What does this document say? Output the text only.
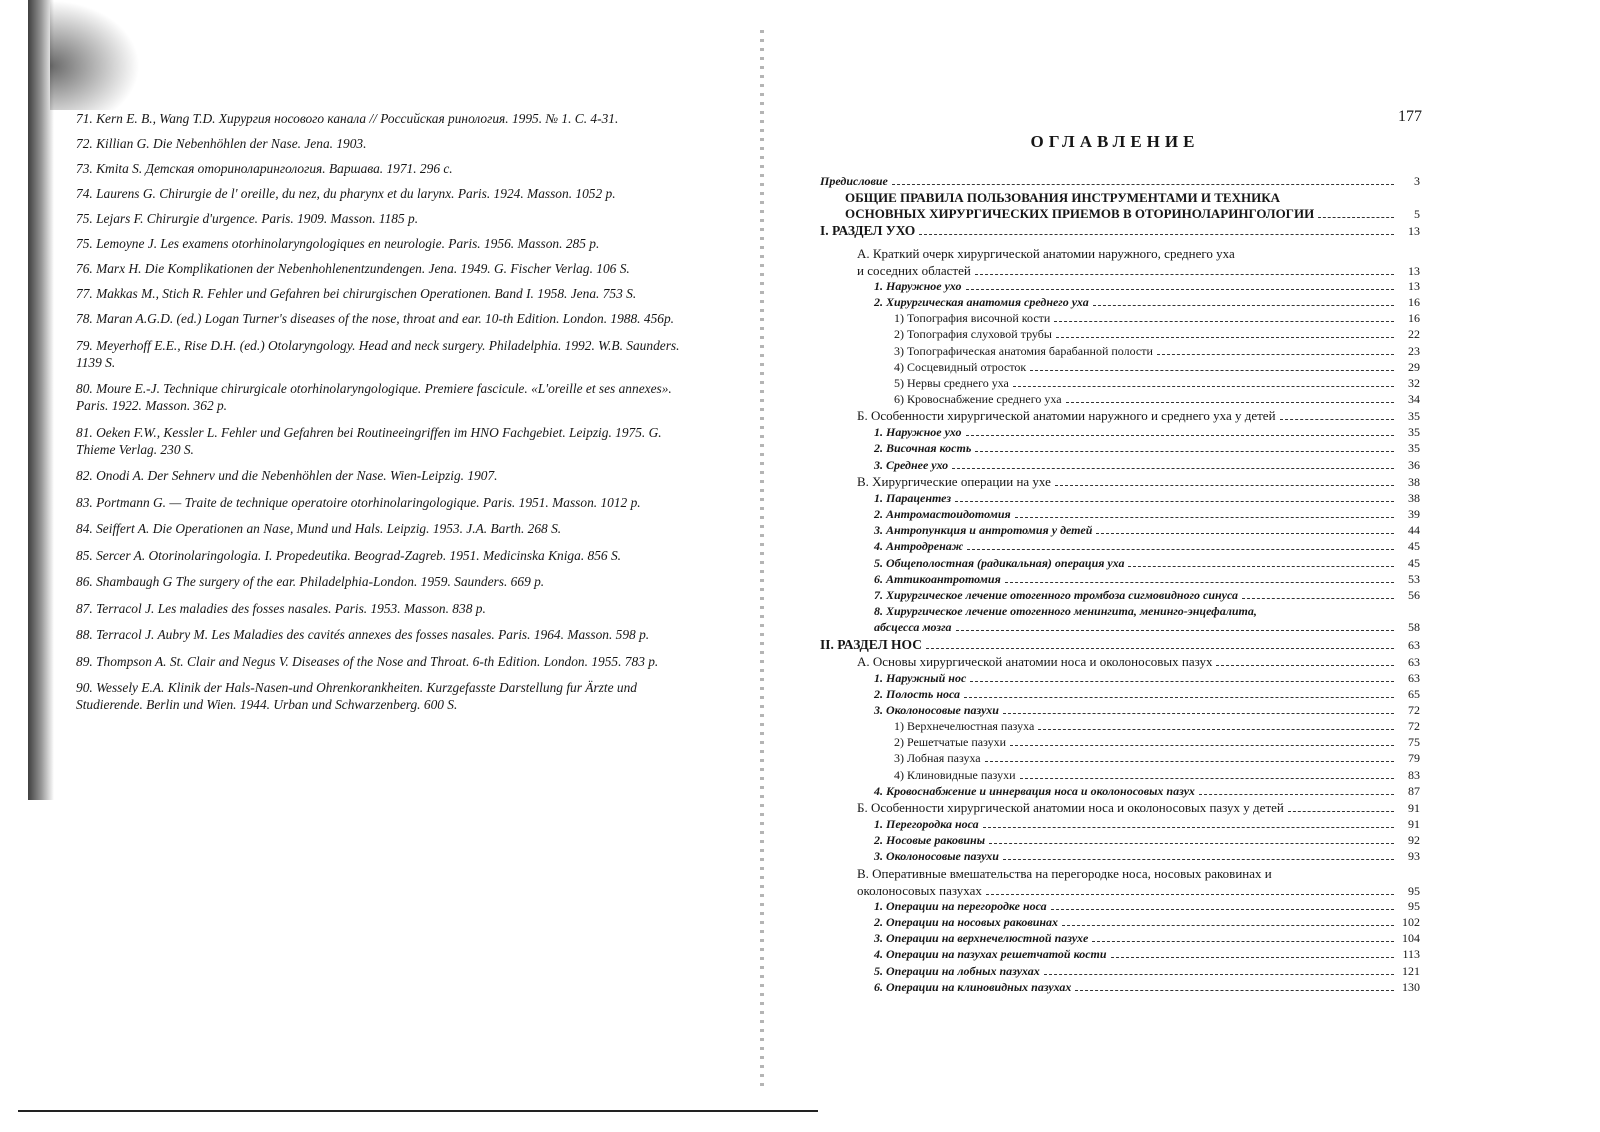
71. Kern E. B., Wang T.D. Хирургия носового канала // Российская ринология. 1995. № 1. С. 4-31.
72. Killian G. Die Nebenhöhlen der Nase. Jena. 1903.
73. Kmita S. Детская оториноларингология. Варшава. 1971. 296 с.
74. Laurens G. Chirurgie de l' oreille, du nez, du pharynx et du larynx. Paris. 1924. Masson. 1052 p.
75. Lejars F. Chirurgie d'urgence. Paris. 1909. Masson. 1185 p.
75. Lemoyne J. Les examens otorhinolaryngologiques en neurologie. Paris. 1956. Masson. 285 p.
76. Marx H. Die Komplikationen der Nebenhohlenentzundengen. Jena. 1949. G. Fischer Verlag. 106 S.
77. Makkas M., Stich R. Fehler und Gefahren bei chirurgischen Operationen. Band I. 1958. Jena. 753 S.
78. Maran A.G.D. (ed.) Logan Turner's diseases of the nose, throat and ear. 10-th Edition. London. 1988. 456p.
79. Meyerhoff E.E., Rise D.H. (ed.) Otolaryngology. Head and neck surgery. Philadelphia. 1992. W.B. Saunders. 1139 S.
80. Moure E.-J. Technique chirurgicale otorhinolaryngologique. Premiere fascicule. «L'oreille et ses annexes». Paris. 1922. Masson. 362 p.
81. Oeken F.W., Kessler L. Fehler und Gefahren bei Routineeingriffen im HNO Fachgebiet. Leipzig. 1975. G. Thieme Verlag. 230 S.
82. Onodi A. Der Sehnerv und die Nebenhöhlen der Nase. Wien-Leipzig. 1907.
83. Portmann G. — Traite de technique operatoire otorhinolaringologique. Paris. 1951. Masson. 1012 p.
84. Seiffert A. Die Operationen an Nase, Mund und Hals. Leipzig. 1953. J.A. Barth. 268 S.
85. Sercer A. Otorinolaringologia. I. Propedeutika. Beograd-Zagreb. 1951. Medicinska Kniga. 856 S.
86. Shambaugh G The surgery of the ear. Philadelphia-London. 1959. Saunders. 669 p.
87. Terracol J. Les maladies des fosses nasales. Paris. 1953. Masson. 838 p.
88. Terracol J. Aubry M. Les Maladies des cavités annexes des fosses nasales. Paris. 1964. Masson. 598 p.
89. Thompson A. St. Clair and Negus V. Diseases of the Nose and Throat. 6-th Edition. London. 1955. 783 p.
90. Wessely E.A. Klinik der Hals-Nasen-und Ohrenkorankheiten. Kurzgefasste Darstellung fur Ärzte und Studierende. Berlin und Wien. 1944. Urban und Schwarzenberg. 600 S.
177
ОГЛАВЛЕНИЕ
Предисловие	3
ОБЩИЕ ПРАВИЛА ПОЛЬЗОВАНИЯ ИНСТРУМЕНТАМИ И ТЕХНИКА
ОСНОВНЫХ ХИРУРГИЧЕСКИХ ПРИЕМОВ В ОТОРИНОЛАРИНГОЛОГИИ	5
I. РАЗДЕЛ УХО	13
А. Краткий очерк хирургической анатомии наружного, среднего уха
и соседних областей	13
1. Наружное ухо	13
2. Хирургическая анатомия среднего уха	16
1) Топография височной кости	16
2) Топография слуховой трубы	22
3) Топографическая анатомия барабанной полости	23
4) Сосцевидный отросток	29
5) Нервы среднего уха	32
6) Кровоснабжение среднего уха	34
Б. Особенности хирургической анатомии наружного и среднего уха у детей	35
1. Наружное ухо	35
2. Височная кость	35
3. Среднее ухо	36
В. Хирургические операции на ухе	38
1. Парацентез	38
2. Антромастоидотомия	39
3. Антропункция и антротомия у детей	44
4. Антродренаж	45
5. Общеполостная (радикальная) операция уха	45
6. Аттикоантротомия	53
7. Хирургическое лечение отогенного тромбоза сигмовидного синуса	56
8. Хирургическое лечение отогенного менингита, менинго-энцефалита,
абсцесса мозга	58
II. РАЗДЕЛ НОС	63
А. Основы хирургической анатомии носа и околоносовых пазух	63
1. Наружный нос	63
2. Полость носа	65
3. Околоносовые пазухи	72
1) Верхнечелюстная пазуха	72
2) Решетчатые пазухи	75
3) Лобная пазуха	79
4) Клиновидные пазухи	83
4. Кровоснабжение и иннервация носа и околоносовых пазух	87
Б. Особенности хирургической анатомии носа и околоносовых пазух у детей	91
1. Перегородка носа	91
2. Носовые раковины	92
3. Околоносовые пазухи	93
В. Оперативные вмешательства на перегородке носа, носовых раковинах и
околоносовых пазухах	95
1. Операции на перегородке носа	95
2. Операции на носовых раковинах	102
3. Операции на верхнечелюстной пазухе	104
4. Операции на пазухах решетчатой кости	113
5. Операции на лобных пазухах	121
6. Операции на клиновидных пазухах	130
